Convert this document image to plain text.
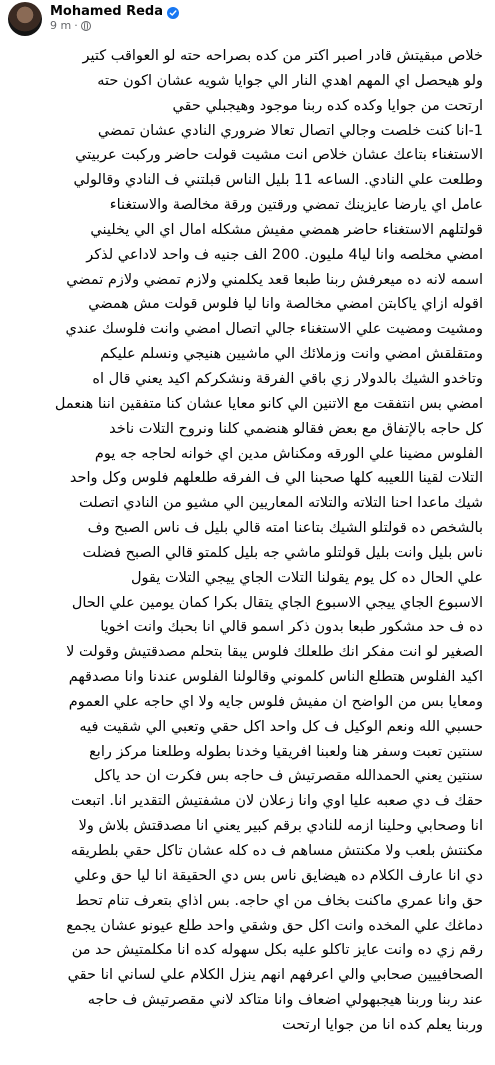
Mohamed Reda
9 m ·
خلاص مبقيتش قادر اصبر اكتر من كده بصراحه حته لو العواقب كتير
ولو هيحصل اي المهم اهدي النار الي جوايا شويه عشان اكون حته
ارتحت من جوايا وكده كده ربنا موجود وهيجبلي حقي
1-انا كنت خلصت وجالي اتصال تعالا ضروري النادي عشان تمضي
الاستغناء بتاعك عشان خلاص انت مشيت قولت حاضر وركبت عربيتي
وطلعت علي النادي. الساعه 11 بليل الناس قبلتني ف النادي وقالولي
عامل اي يارضا عايزينك تمضي ورقتين ورقة مخالصة والاستغناء
قولتلهم الاستغناء حاضر همضي مفيش مشكله امال اي الي يخليني
امضي مخلصه وانا ليا4 مليون. 200 الف جنيه ف واحد لاداعي لذكر
اسمه لانه ده ميعرفش ربنا طبعا قعد يكلمني ولازم تمضي ولازم تمضي
اقوله ازاي ياكابتن امضي مخالصة وانا ليا فلوس قولت مش همضي
ومشيت ومضيت علي الاستغناء جالي اتصال امضي وانت فلوسك عندي
ومتقلقش امضي وانت وزملائك الي ماشيين هنيجي ونسلم عليكم
وتاخدو الشيك بالدولار زي باقي الفرقة ونشكركم اكيد يعني قال اه
امضي بس انتفقت مع الاتنين الي كانو معايا عشان كنا متفقين اننا هنعمل
كل حاجه بالإتفاق مع بعض فقالو هنضمي كلنا ونروح التلات ناخد
الفلوس مضينا علي الورقه ومكناش مدين اي خوانه لحاجه جه يوم
التلات لقينا اللعيبه كلها صحبنا الي ف الفرقه طلعلهم فلوس وكل واحد
شيك ماعدا احنا التلاته والتلاته المعاريين الي مشيو من النادي اتصلت
بالشخص ده قولتلو الشيك بتاعنا امته قالي بليل ف ناس الصبح وف
ناس بليل وانت بليل قولتلو ماشي جه بليل كلمتو قالي الصبح فضلت
علي الحال ده كل يوم يقولنا التلات الجاي ييجي التلات يقول
الاسبوع الجاي ييجي الاسبوع الجاي يتقال بكرا كمان يومين علي الحال
ده ف حد مشكور طبعا بدون ذكر اسمو قالي انا بحبك وانت اخويا
الصغير لو انت مفكر انك طلعلك فلوس يبقا بتحلم مصدقتيش وقولت لا
اكيد الفلوس هتطلع الناس كلموني وقالولنا الفلوس عندنا وانا مصدقهم
ومعايا بس من الواضح ان مفيش فلوس جايه ولا اي حاجه علي العموم
حسبي الله ونعم الوكيل ف كل واحد اكل حقي وتعبي الي شقيت فيه
سنتين تعبت وسفر هنا ولعبنا افريقيا وخدنا بطوله وطلعنا مركز رابع
سنتين يعني الحمدالله مقصرتيش ف حاجه بس فكرت ان حد ياكل
حقك ف دي صعبه عليا اوي وانا زعلان لان مشفتيش التقدير انا. اتبعت
انا وصحابي وحلينا ازمه للنادي برقم كبير يعني انا مصدقتش بلاش ولا
مكنتش بلعب ولا مكنتش مساهم ف ده كله عشان تاكل حقي بلطريقه
دي انا عارف الكلام ده هيضايق ناس بس دي الحقيقة انا ليا حق وعلي
حق وانا عمري ماكنت بخاف من اي حاجه. بس اذاي بتعرف تنام تحط
دماغك علي المخده وانت اكل حق وشقي واحد طلع عيونو عشان يجمع
رقم زي ده وانت عايز تاكلو عليه بكل سهوله كده انا مكلمتيش حد من
الصحافييين صحابي والي اعرفهم انهم ينزل الكلام علي لساني انا حقي
عند ربنا وربنا هيجبهولي اضعاف وانا متاكد لاني مقصرتيش ف حاجه
وربنا يعلم كده انا من جوايا ارتحت
